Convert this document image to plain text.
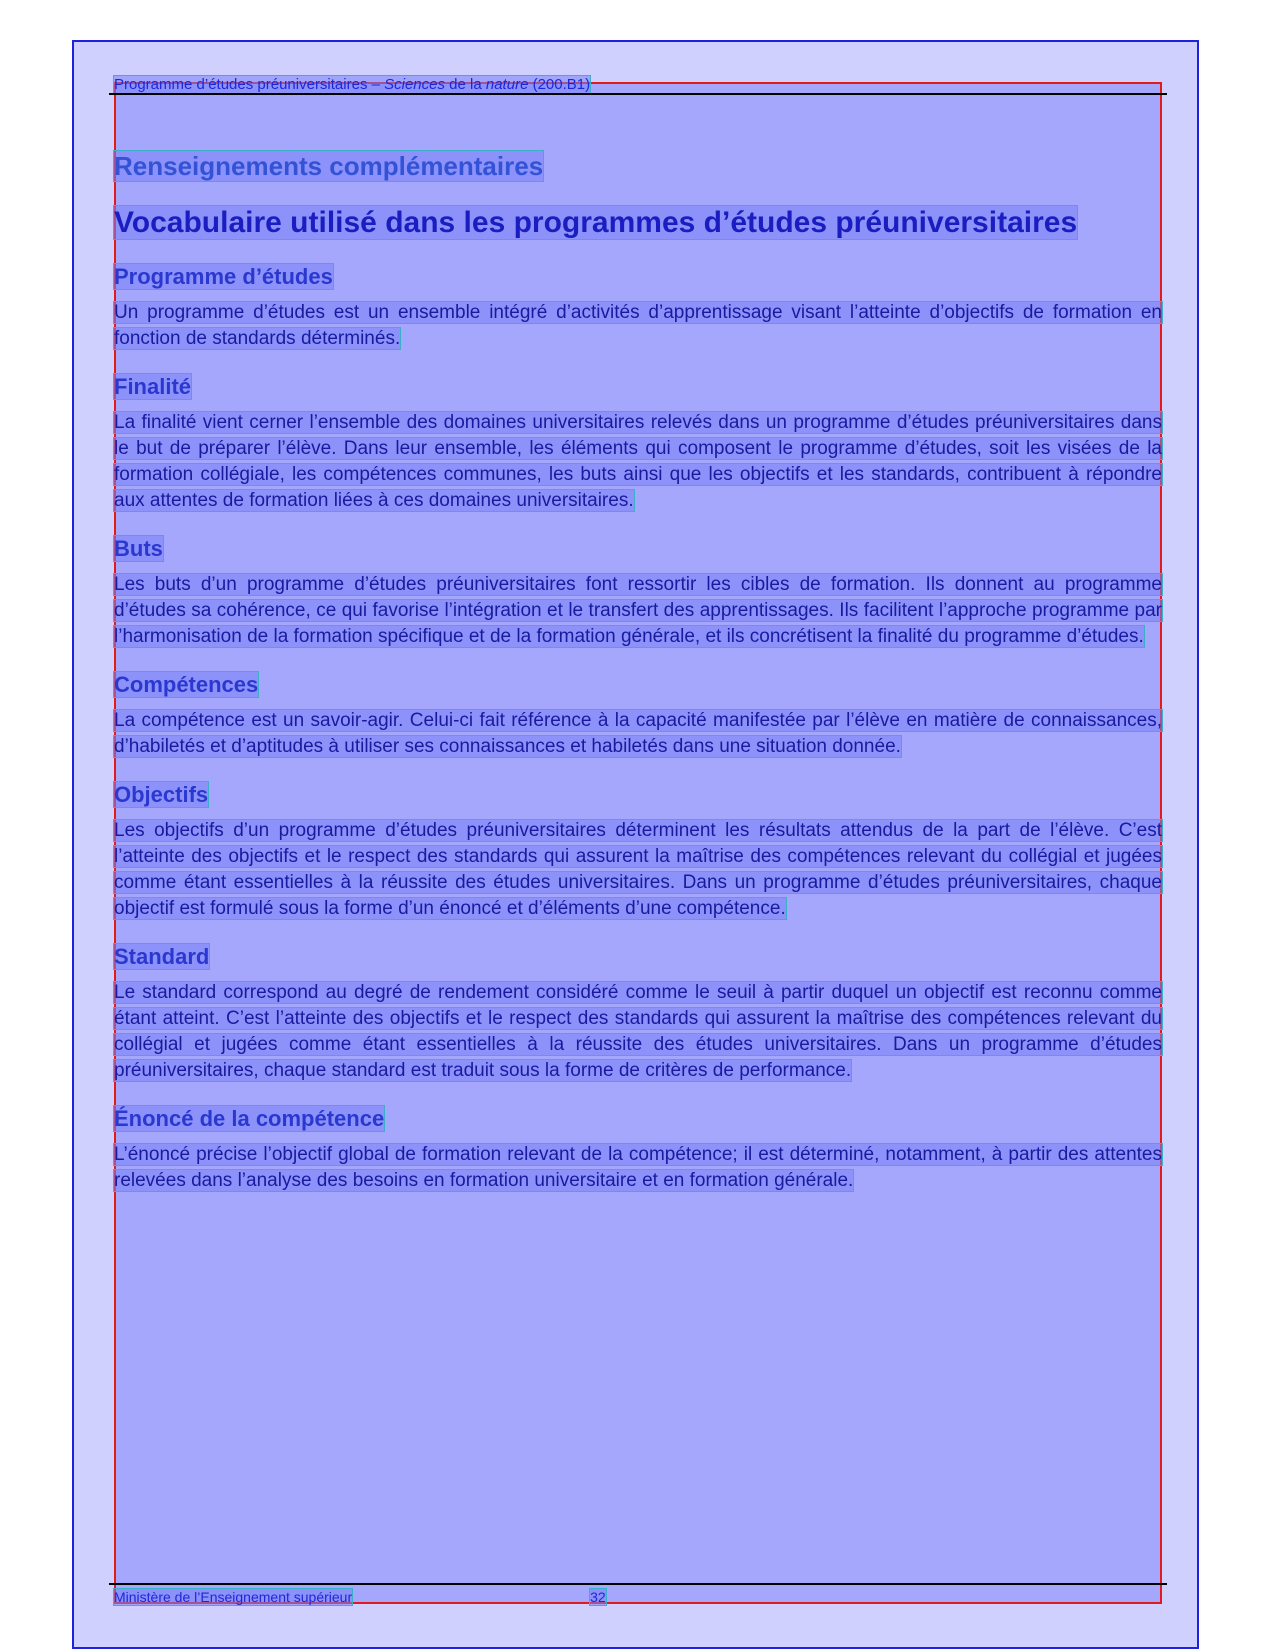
Programme d’études préuniversitaires – Sciences de la nature (200.B1)
Renseignements complémentaires
Vocabulaire utilisé dans les programmes d’études préuniversitaires
Programme d’études

Un programme d’études est un ensemble intégré d’activités d’apprentissage visant l’atteinte d’objectifs de formation en fonction de standards déterminés.

Finalité

La finalité vient cerner l’ensemble des domaines universitaires relevés dans un programme d’études préuniversitaires dans le but de préparer l’élève. Dans leur ensemble, les éléments qui composent le programme d’études, soit les visées de la formation collégiale, les compétences communes, les buts ainsi que les objectifs et les standards, contribuent à répondre aux attentes de formation liées à ces domaines universitaires.

Buts

Les buts d’un programme d’études préuniversitaires font ressortir les cibles de formation. Ils donnent au programme d’études sa cohérence, ce qui favorise l’intégration et le transfert des apprentissages. Ils facilitent l’approche programme par l’harmonisation de la formation spécifique et de la formation générale, et ils concrétisent la finalité du programme d’études.

Compétences

La compétence est un savoir-agir. Celui-ci fait référence à la capacité manifestée par l’élève en matière de connaissances, d’habiletés et d’aptitudes à utiliser ses connaissances et habiletés dans une situation donnée.

Objectifs

Les objectifs d’un programme d’études préuniversitaires déterminent les résultats attendus de la part de l’élève. C’est l’atteinte des objectifs et le respect des standards qui assurent la maîtrise des compétences relevant du collégial et jugées comme étant essentielles à la réussite des études universitaires. Dans un programme d’études préuniversitaires, chaque objectif est formulé sous la forme d’un énoncé et d’éléments d’une compétence.

Standard

Le standard correspond au degré de rendement considéré comme le seuil à partir duquel un objectif est reconnu comme étant atteint. C’est l’atteinte des objectifs et le respect des standards qui assurent la maîtrise des compétences relevant du collégial et jugées comme étant essentielles à la réussite des études universitaires. Dans un programme d’études préuniversitaires, chaque standard est traduit sous la forme de critères de performance.

Énoncé de la compétence

L’énoncé précise l’objectif global de formation relevant de la compétence; il est déterminé, notamment, à partir des attentes relevées dans l’analyse des besoins en formation universitaire et en formation générale.

Ministère de l’Enseignement supérieur	32
